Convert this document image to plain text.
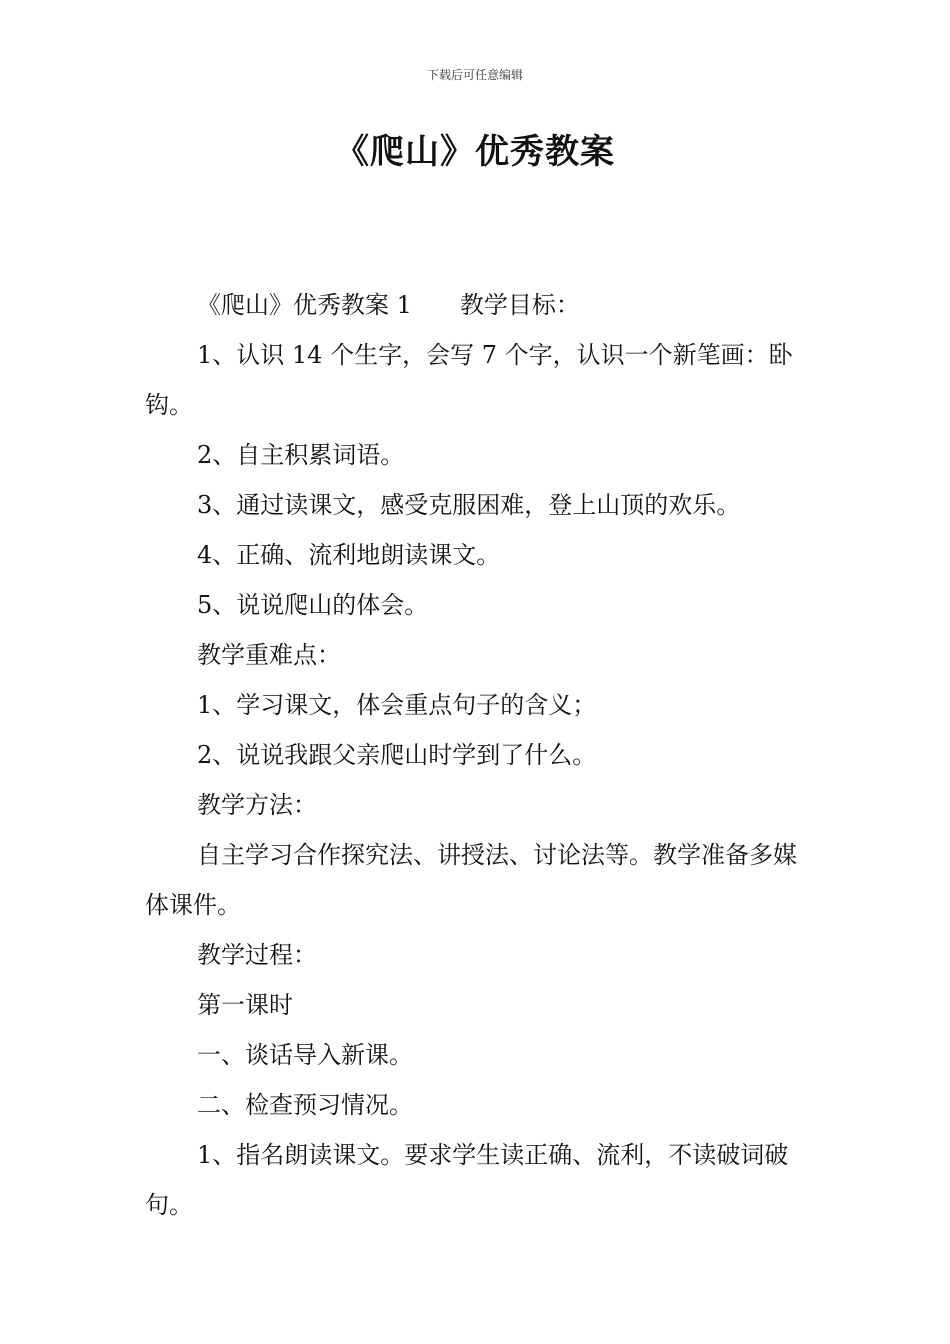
下载后可任意编辑
《爬山》优秀教案

《爬山》优秀教案 1　　教学目标：

1、认识 14 个生字，会写 7 个字，认识一个新笔画：卧钩。

2、自主积累词语。

3、通过读课文，感受克服困难，登上山顶的欢乐。

4、正确、流利地朗读课文。

5、说说爬山的体会。

教学重难点：

1、学习课文，体会重点句子的含义；

2、说说我跟父亲爬山时学到了什么。

教学方法：

自主学习合作探究法、讲授法、讨论法等。教学准备多媒体课件。

教学过程：

第一课时

一、谈话导入新课。

二、检查预习情况。

1、指名朗读课文。要求学生读正确、流利，不读破词破句。
